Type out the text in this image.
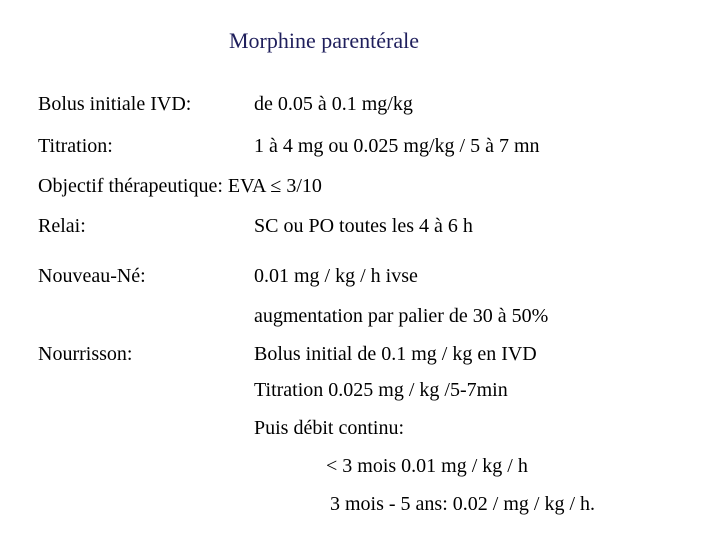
Morphine parentérale
Bolus initiale IVD:	de 0.05 à 0.1 mg/kg
Titration:	1 à 4 mg ou 0.025 mg/kg / 5 à 7 mn
Objectif thérapeutique: EVA ≤ 3/10
Relai:	SC ou PO toutes les 4 à 6 h
Nouveau-Né:	0.01 mg / kg / h ivse
augmentation par palier de 30 à 50%
Nourrisson:	Bolus initial de 0.1 mg / kg en IVD
Titration 0.025 mg / kg /5-7min
Puis débit continu:
< 3 mois 0.01 mg / kg / h
3 mois - 5 ans: 0.02 / mg / kg / h.
